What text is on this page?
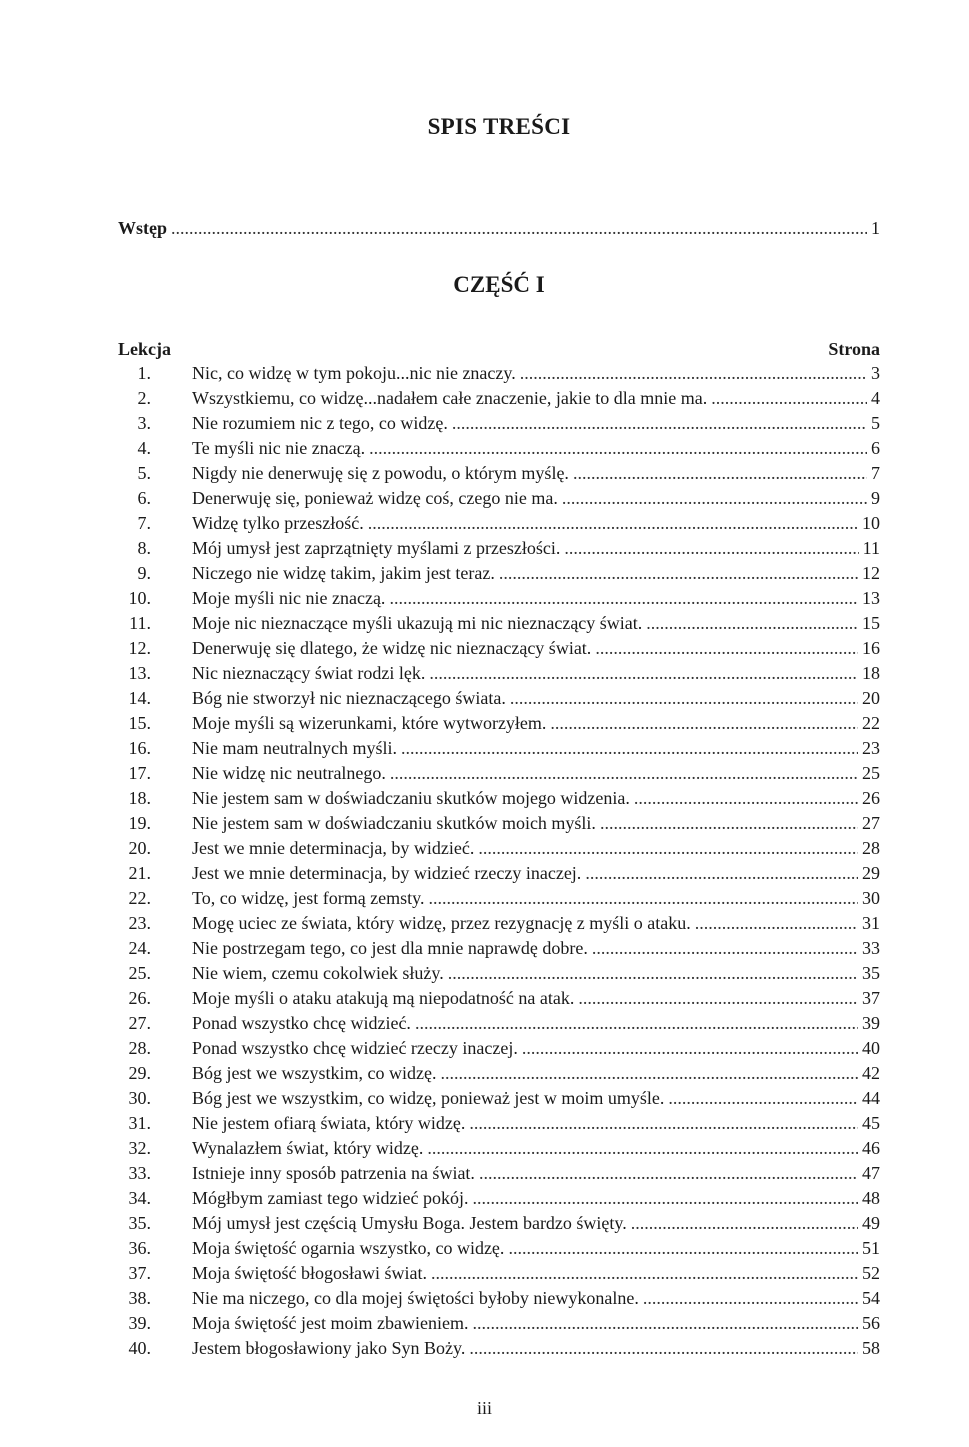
SPIS TREŚCI
Wstęp .....	1
CZĘŚĆ I
Lekcja	Strona
1. Nic, co widzę w tym pokoju...nic nie znaczy. .....	3
2. Wszystkiemu, co widzę...nadałem całe znaczenie, jakie to dla mnie ma. .....	4
3. Nie rozumiem nic z tego, co widzę. .....	5
4. Te myśli nic nie znaczą. .....	6
5. Nigdy nie denerwuję się z powodu, o którym myślę. .....	7
6. Denerwuję się, ponieważ widzę coś, czego nie ma. .....	9
7. Widzę tylko przeszłość. .....	10
8. Mój umysł jest zaprzątnięty myślami z przeszłości. .....	11
9. Niczego nie widzę takim, jakim jest teraz. .....	12
10. Moje myśli nic nie znaczą. .....	13
11. Moje nic nieznaczące myśli ukazują mi nic nieznaczący świat. .....	15
12. Denerwuję się dlatego, że widzę nic nieznaczący świat. .....	16
13. Nic nieznaczący świat rodzi lęk. .....	18
14. Bóg nie stworzył nic nieznaczącego świata. .....	20
15. Moje myśli są wizerunkami, które wytworzyłem. .....	22
16. Nie mam neutralnych myśli. .....	23
17. Nie widzę nic neutralnego. .....	25
18. Nie jestem sam w doświadczaniu skutków mojego widzenia. .....	26
19. Nie jestem sam w doświadczaniu skutków moich myśli. .....	27
20. Jest we mnie determinacja, by widzieć. .....	28
21. Jest we mnie determinacja, by widzieć rzeczy inaczej. .....	29
22. To, co widzę, jest formą zemsty. .....	30
23. Mogę uciec ze świata, który widzę, przez rezygnację z myśli o ataku. .....	31
24. Nie postrzegam tego, co jest dla mnie naprawdę dobre. .....	33
25. Nie wiem, czemu cokolwiek służy. .....	35
26. Moje myśli o ataku atakują mą niepodatność na atak. .....	37
27. Ponad wszystko chcę widzieć. .....	39
28. Ponad wszystko chcę widzieć rzeczy inaczej. .....	40
29. Bóg jest we wszystkim, co widzę. .....	42
30. Bóg jest we wszystkim, co widzę, ponieważ jest w moim umyśle. .....	44
31. Nie jestem ofiarą świata, który widzę. .....	45
32. Wynalazłem świat, który widzę. .....	46
33. Istnieje inny sposób patrzenia na świat. .....	47
34. Mógłbym zamiast tego widzieć pokój. .....	48
35. Mój umysł jest częścią Umysłu Boga. Jestem bardzo święty. .....	49
36. Moja świętość ogarnia wszystko, co widzę. .....	51
37. Moja świętość błogosławi świat. .....	52
38. Nie ma niczego, co dla mojej świętości byłoby niewykonalne. .....	54
39. Moja świętość jest moim zbawieniem. .....	56
40. Jestem błogosławiony jako Syn Boży. .....	58
iii
